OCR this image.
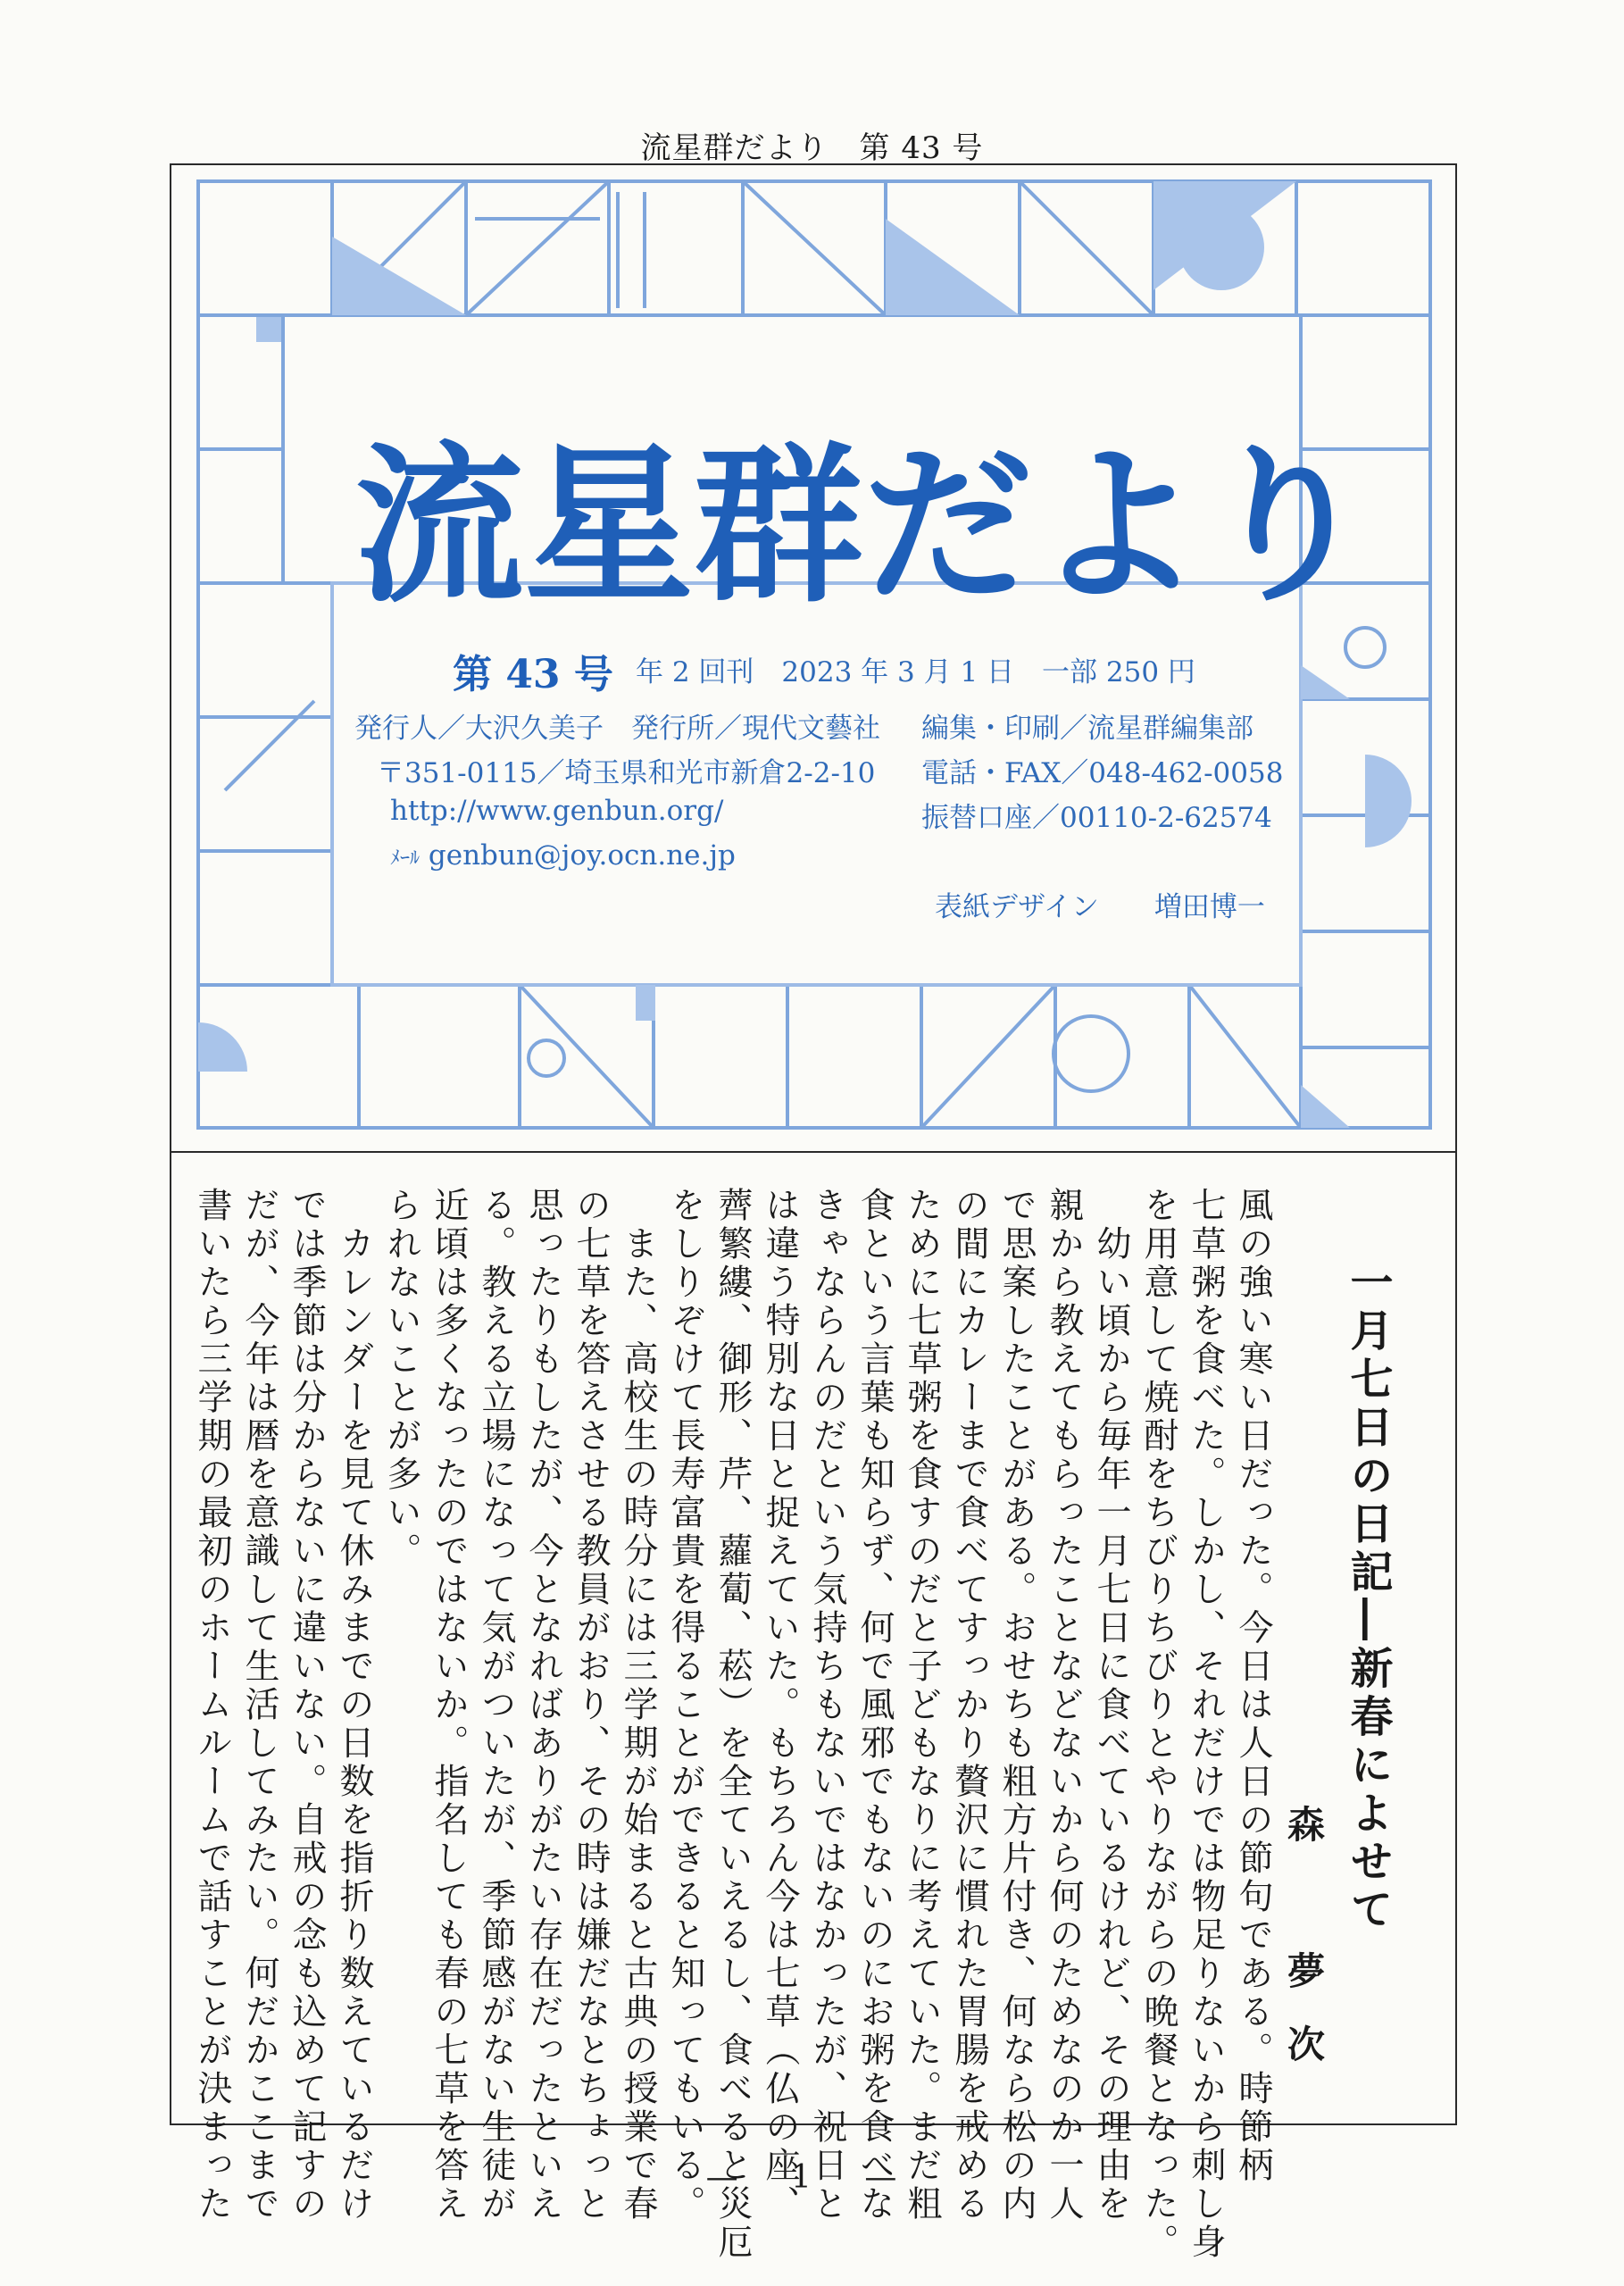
流星群だより　第 43 号
流 星 群 だ よ り
第 43 号 年 2 回刊　2023 年 3 月 1 日　一部 250 円
発行人／大沢久美子　発行所／現代文藝社 編集・印刷／流星群編集部
〒351-0115／埼玉県和光市新倉2-2-10 電話・FAX／048-462-0058
http://www.genbun.org/	振替口座／00110-2-62574
ﾒｰﾙ genbun@joy.ocn.ne.jp
表紙デザイン　　増田博一
一月七日の日記―新春によせて
森　夢次

風の強い寒い日だった。今日は人日の節句である。時節柄

七草粥を食べた。しかし、それだけでは物足りないから刺し身

を用意して焼酎をちびりちびりとやりながらの晩餐となった。

　幼い頃から毎年一月七日に食べているけれど、その理由を

親から教えてもらったことなどないから何のためなのか一人

で思案したことがある。おせちも粗方片付き、何なら松の内

の間にカレーまで食べてすっかり贅沢に慣れた胃腸を戒める

ために七草粥を食すのだと子どもなりに考えていた。まだ粗

食という言葉も知らず、何で風邪でもないのにお粥を食べな

きゃならんのだという気持ちもないではなかったが、祝日と

は違う特別な日と捉えていた。もちろん今は七草（仏の座、

薺繁縷、御形、芹、蘿蔔、菘）を全ていえるし、食べると災厄

をしりぞけて長寿富貴を得ることができると知ってもいる。

　また、高校生の時分には三学期が始まると古典の授業で春

の七草を答えさせる教員がおり、その時は嫌だなとちょっと

思ったりもしたが、今となればありがたい存在だったといえ

る。教える立場になって気がついたが、季節感がない生徒が

近頃は多くなったのではないか。指名しても春の七草を答え

られないことが多い。

　カレンダーを見て休みまでの日数を指折り数えているだけ

では季節は分からないに違いない。自戒の念も込めて記すの

だが、今年は暦を意識して生活してみたい。何だかここまで

書いたら三学期の最初のホームルームで話すことが決まった	— 1 —
